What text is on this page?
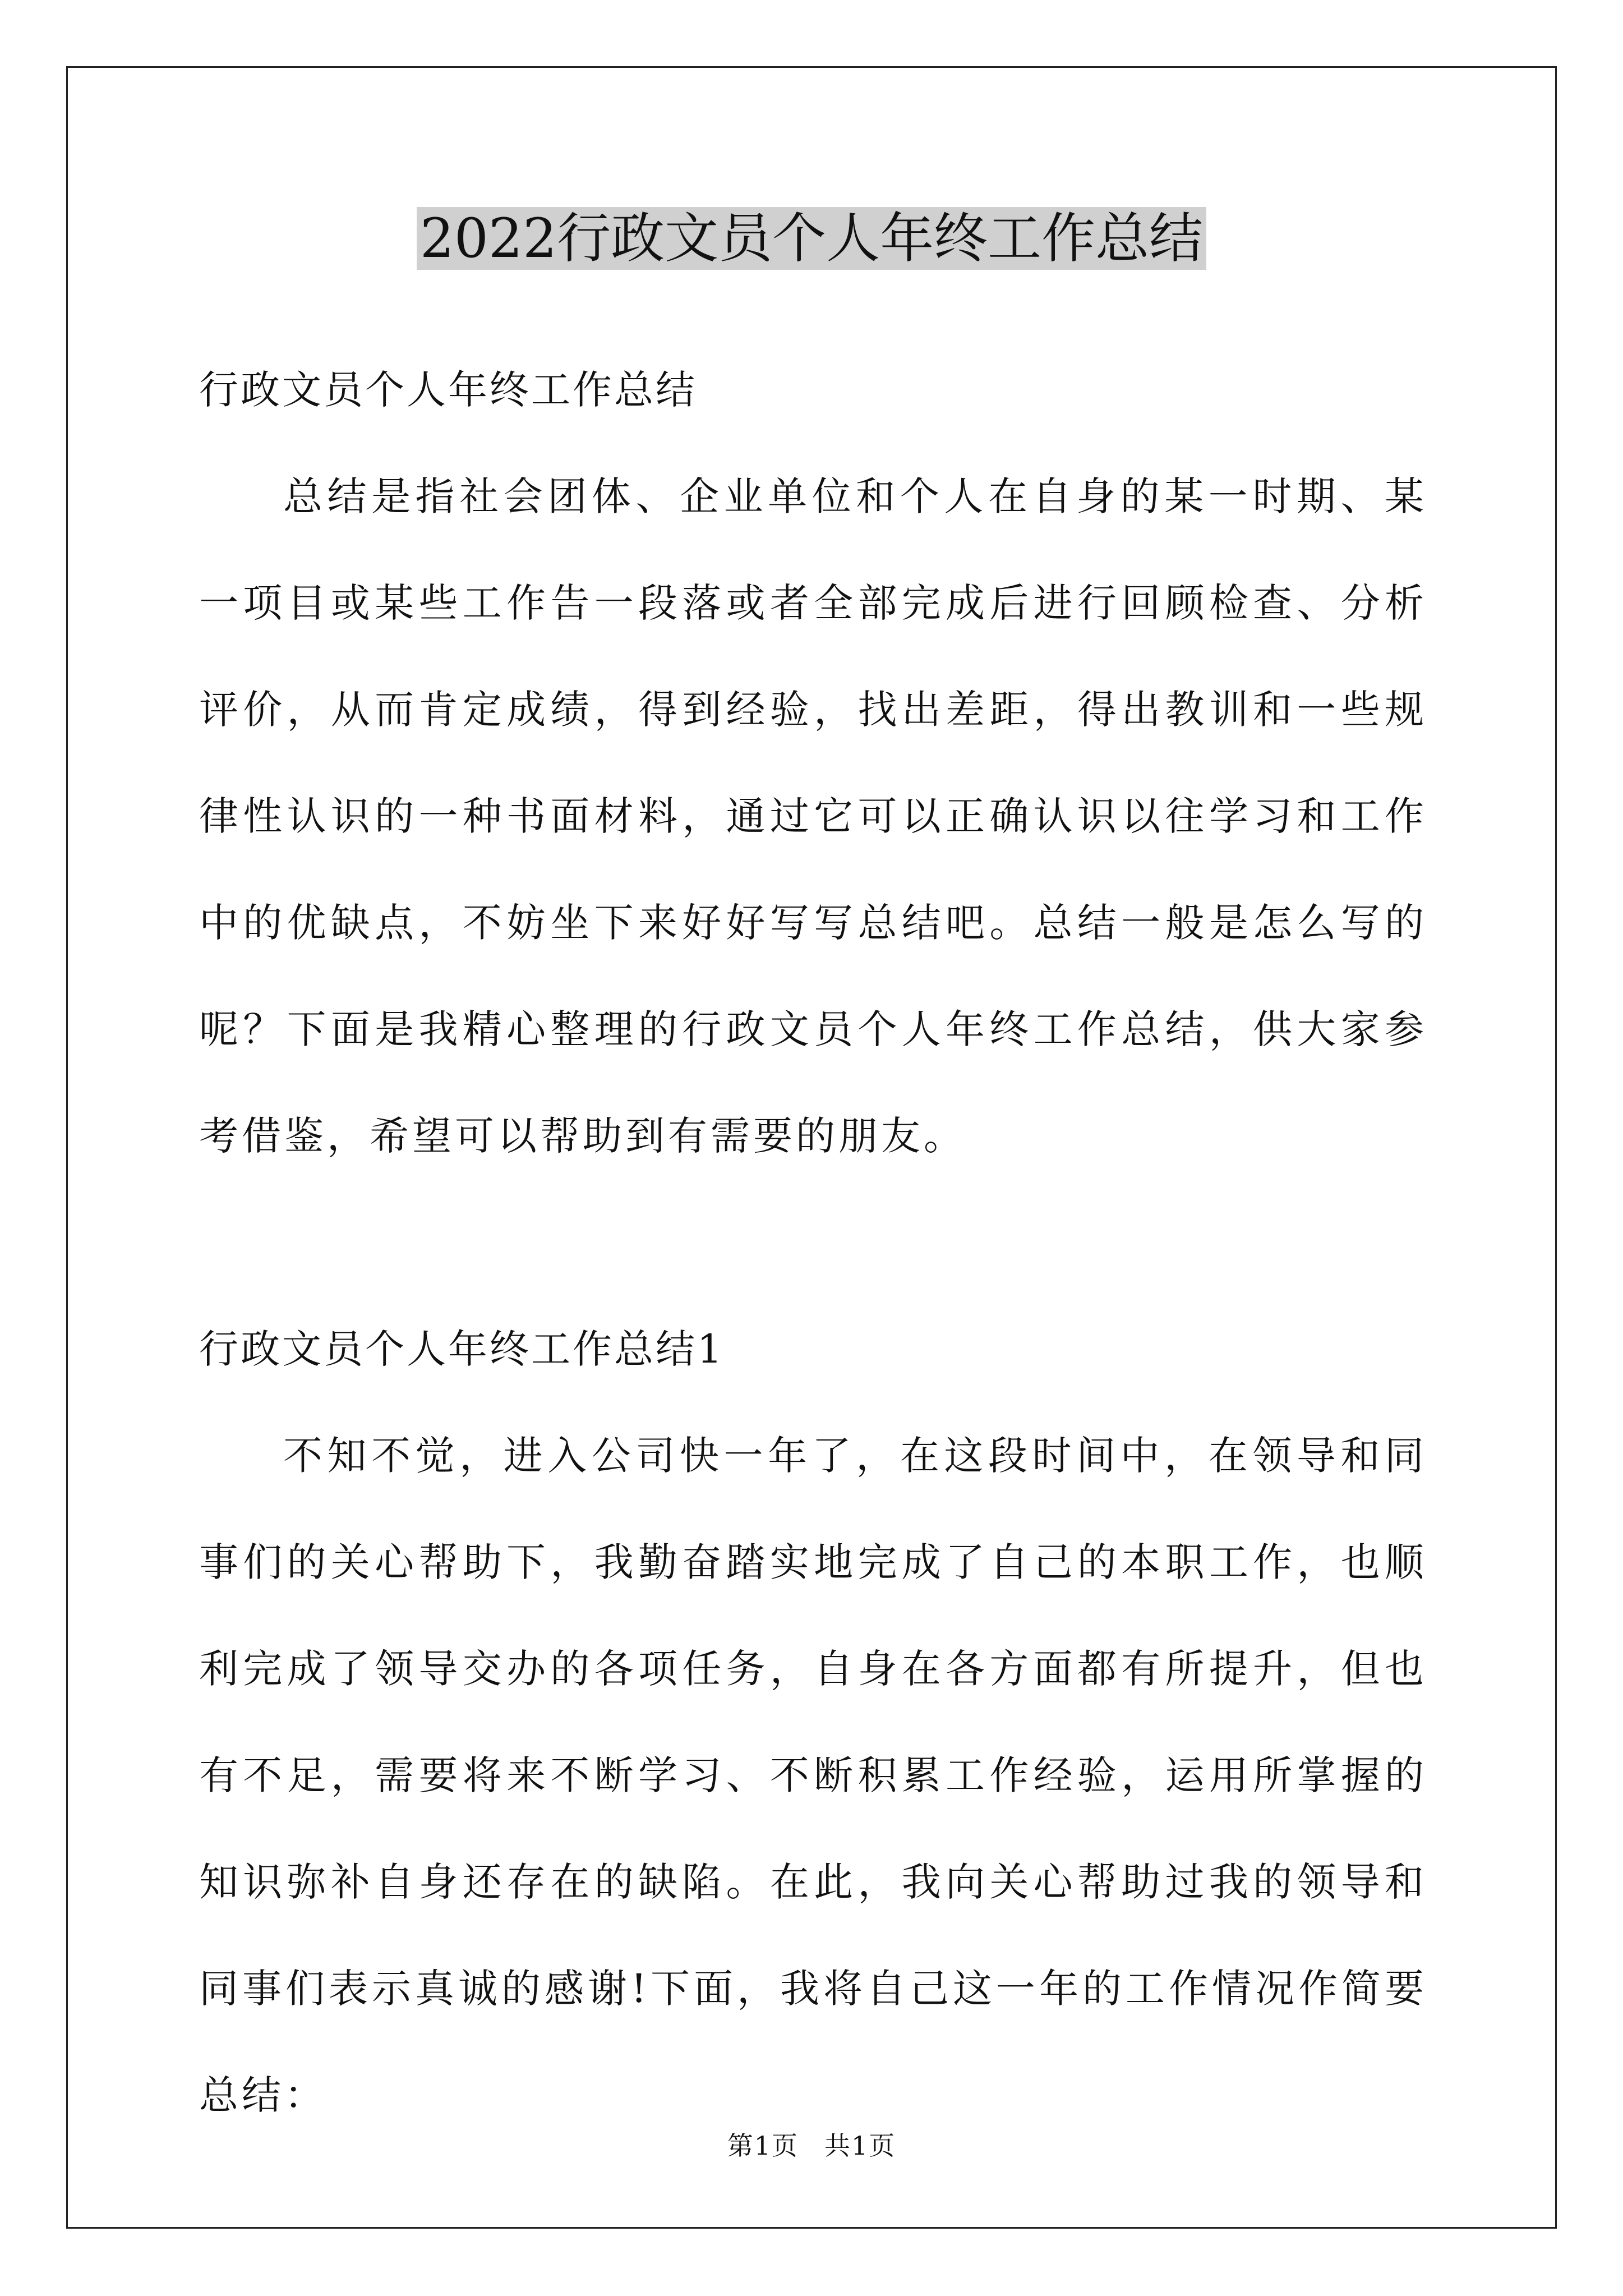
2022行政文员个人年终工作总结

行政文员个人年终工作总结

总结是指社会团体、企业单位和个人在自身的某一时期、某一项目或某些工作告一段落或者全部完成后进行回顾检查、分析评价，从而肯定成绩，得到经验，找出差距，得出教训和一些规律性认识的一种书面材料，通过它可以正确认识以往学习和工作中的优缺点，不妨坐下来好好写写总结吧。总结一般是怎么写的呢？下面是我精心整理的行政文员个人年终工作总结，供大家参考借鉴，希望可以帮助到有需要的朋友。

行政文员个人年终工作总结1

不知不觉，进入公司快一年了，在这段时间中，在领导和同事们的关心帮助下，我勤奋踏实地完成了自己的本职工作，也顺利完成了领导交办的各项任务，自身在各方面都有所提升，但也有不足，需要将来不断学习、不断积累工作经验，运用所掌握的知识弥补自身还存在的缺陷。在此，我向关心帮助过我的领导和同事们表示真诚的感谢!下面，我将自己这一年的工作情况作简要总结：

第1页 共1页
